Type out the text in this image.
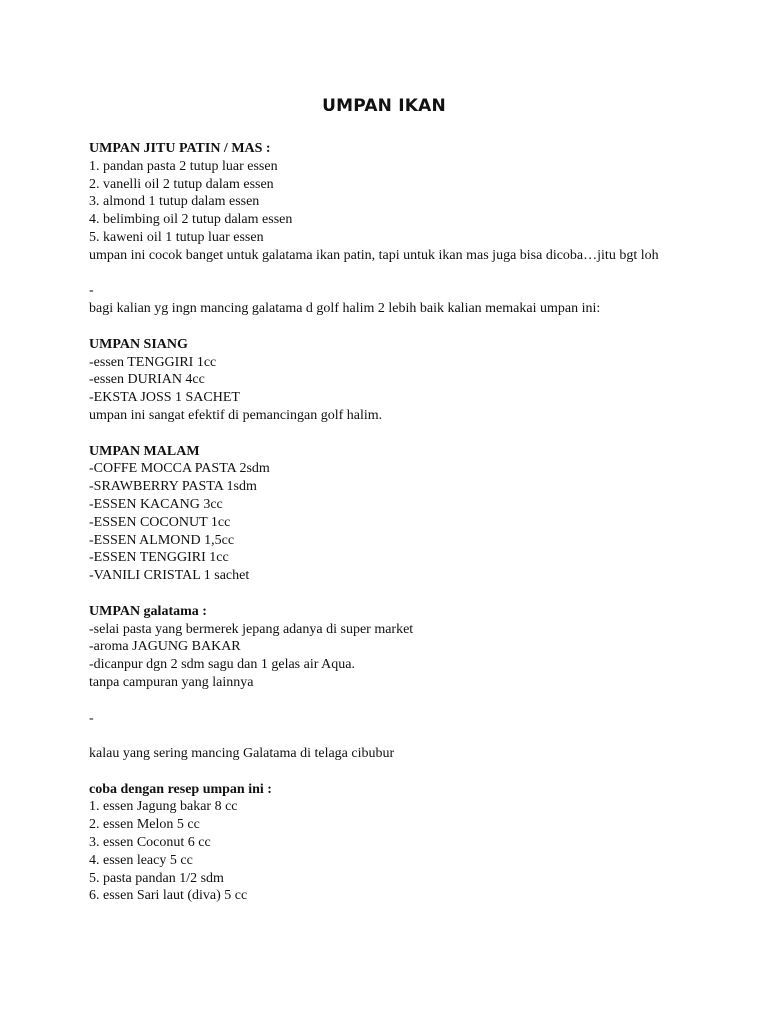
UMPAN IKAN
UMPAN JITU PATIN / MAS :
1. pandan pasta 2 tutup luar essen
2. vanelli oil 2 tutup dalam essen
3. almond 1 tutup dalam essen
4. belimbing oil 2 tutup dalam essen
5. kaweni oil 1 tutup luar essen
umpan ini cocok banget untuk galatama ikan patin, tapi untuk ikan mas juga bisa dicoba…jitu bgt loh
-
bagi kalian yg ingn mancing galatama d golf halim 2 lebih baik kalian memakai umpan ini:
UMPAN SIANG
-essen TENGGIRI 1cc
-essen DURIAN 4cc
-EKSTA JOSS 1 SACHET
umpan ini sangat efektif di pemancingan golf halim.
UMPAN MALAM
-COFFE MOCCA PASTA 2sdm
-SRAWBERRY PASTA 1sdm
-ESSEN KACANG 3cc
-ESSEN COCONUT 1cc
-ESSEN ALMOND 1,5cc
-ESSEN TENGGIRI 1cc
-VANILI CRISTAL 1 sachet
UMPAN galatama :
-selai pasta yang bermerek jepang adanya di super market
-aroma JAGUNG BAKAR
-dicanpur dgn 2 sdm sagu dan 1 gelas air Aqua.
tanpa campuran yang lainnya
-
kalau yang sering mancing Galatama di telaga cibubur
coba dengan resep umpan ini :
1. essen Jagung bakar 8 cc
2. essen Melon 5 cc
3. essen Coconut 6 cc
4. essen leacy 5 cc
5. pasta pandan 1/2 sdm
6. essen Sari laut (diva) 5 cc
